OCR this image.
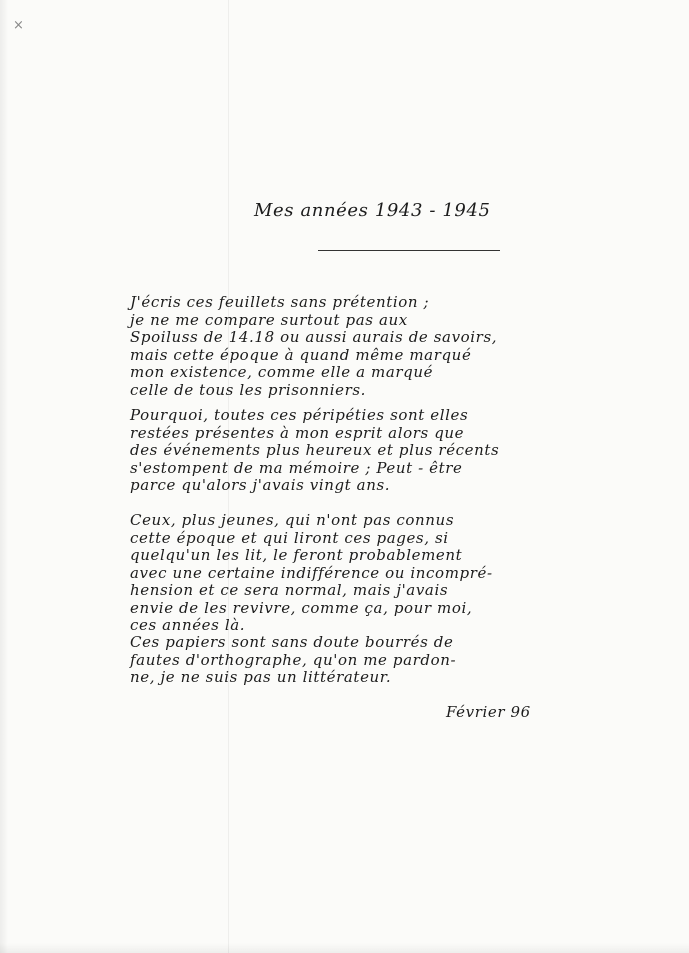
×
Mes années 1943 - 1945
J'écris ces feuillets sans prétention ;
je ne me compare surtout pas aux
Spoiluss de 14.18 ou aussi aurais de savoirs,
mais cette époque à quand même marqué
mon existence, comme elle a marqué
celle de tous les prisonniers.
Pourquoi, toutes ces péripéties sont elles
restées présentes à mon esprit alors que
des événements plus heureux et plus récents
s'estompent de ma mémoire ; Peut - être
parce qu'alors j'avais vingt ans.
Ceux, plus jeunes, qui n'ont pas connus
cette époque et qui liront ces pages, si
quelqu'un les lit, le feront probablement
avec une certaine indifférence ou incompré-
hension et ce sera normal, mais j'avais
envie de les revivre, comme ça, pour moi,
ces années là.
Ces papiers sont sans doute bourrés de
fautes d'orthographe, qu'on me pardon-
ne, je ne suis pas un littérateur.
Février 96
